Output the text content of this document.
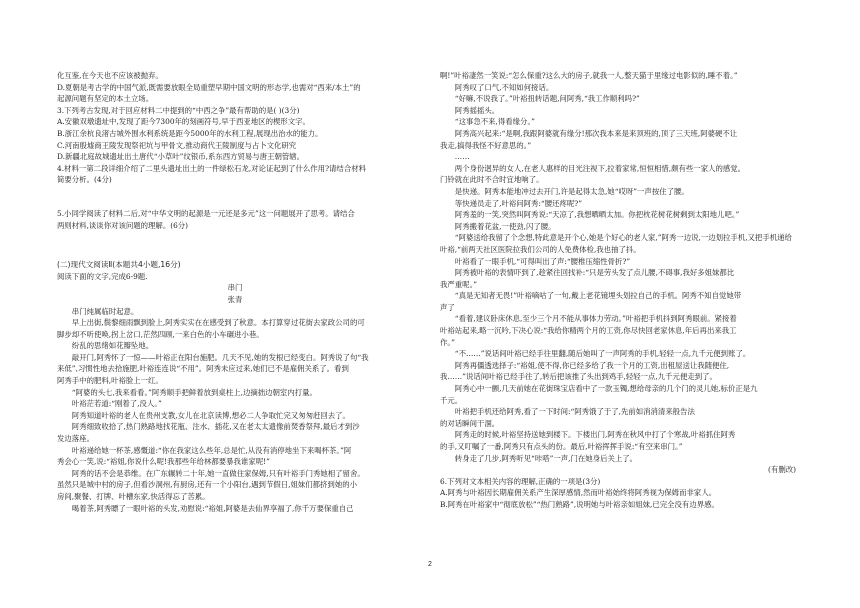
化互鉴,在今天也不应该被抛弃。
D.夏朝是考古学的中国气派,既需要放眼全局重塑早期中国文明的形态学,也需对“西来/本土”的
起源问题有坚定的本土立场。
3.下列考古发现,对于回应材料二中提到的“中西之争”最有帮助的是( )(3分)
A.安徽双墩遗址中,发现了距今7300年的刻画符号,早于西亚地区的楔形文字。
B.浙江余杭良渚古城外围水利系统是距今5000年的水利工程,展现出治水的能力。
C.河南殷墟商王陵发现祭祀坑与甲骨文,推动商代王陵制度与占卜文化研究
D.新疆北庭故城遗址出土唐代“小草叶”纹银币,系东西方贸易与唐王朝管辖。
4.材料一第二段详细介绍了二里头遗址出土的一件绿松石龙,对论证起到了什么作用?请结合材料
简要分析。(4分)
5.小同学阅读了材料二后,对“中华文明的起源是一元还是多元”这一问题展开了思考。请结合
两则材料,谈谈你对该问题的理解。(6分)
(二)现代文阅读Ⅱ(本题共4小题,16分)
阅读下面的文字,完成6-9题.
串门
张青
串门纯属临时起意。
早上出街,鬓黎细雨飘到脸上,阿秀实实在在感受到了秋意。本打算穿过花街去家政公司的可
脚步却不听使唤,拐上岔口,茫然四顾,一来白色的小车碾进小巷。
纷乱的思绪如花瓣坠地。
敲开门,阿秀怀了一惊——叶裕正在阳台施肥。几天不见,她的发根已经变白。阿秀说了句“我
来低”,习惯性地去拾施肥,叶裕连连说“不用”。阿秀未应过来,她们已不是雇佣关系了。看到
阿秀手中的肥料,叶裕脸上一红。
“阿婆的头七,我来看看。”阿秀顺手把鲜着放到桌柱上,边摘拙边朝室内打量。
叶裕茫若道:“刚着了,没人。”
阿秀知道叶裕的老人在贵州支教,女儿在北京读博,想必二人争取忙完又匆匆赶回去了。
阿秀细致收拾了,热门熟路地找花瓶、注水、插花,又在老太太遗像前焚香祭拜,最后才到沙
发边落座。
叶裕递给她一杯茶,感慨道:“你在我家这么些年,总是忙,从没有消停地坐下来喝杯茶。”阿
秀会心一笑,说:“裕姐,你说什么呢!我那些年给林都要暴我谁家呢!”
阿秀的话不会是恭维。在广东辗转二十年,她一直做住家保姆,只有叶裕手门秀她相了留舍。
虽然只是城中村的房子,但看沙洞州,有厨房,还有一个小阳台,遇到节假日,姐妹们都挤到她的小
房间,聚餐、打牌、叶槽东家,快活得忘了苦累。
喝着茶,阿秀瞟了一眼叶裕的头发,劝慰说:“裕姐,阿婆是去仙界享福了,你千万要保重自己
啊!”叶裕凄然一笑说:“怎么保重?这么大的房子,就我一人,整天猫于里缘过电影似的,睡不着。”
阿秀叹了口气,不知如何接话。
“好嘛,不说我了。”叶裕扭转话题,问阿秀,“我工作顺利吗?”
阿秀摇摇头。
“这事急不来,得看缘分。”
阿秀高兴起来:“是啊,我跟阿婆就有缘分!那次我本来是来顶班的,顶了三天班,阿婆硬不让
我走,搞得我怪不好意思的。”
……
两个身份迥异的女人,在老人惠样的目光注视下,拉着家常,恒恒相惜,颇有些一家人的感觉。
门铃就在此时不合时宜地响了。
是快递。阿秀本能地冲过去开门,许是起得太急,她“哎呀”一声按住了腰。
等快递员走了,叶裕问阿秀:“腰还疼呢?”
阿秀羞的一笑,突然叫阿秀说:“天凉了,我想晒晒太加。你把枕花树花树剩到太阳地儿吧。”
阿秀搬着花盆,一使劲,闪了腰。
“阿婆送给我留了个念想,特此意是开个心,她是个好心的老人家,”阿秀一边说,一边划拉手机,又把手机递给
叶裕,“前两天社区医院拉我们公司的人免费体检,我也抽了抖。
叶裕看了一眼手机,“可得叫出了声:“腰椎压缩性骨折?”
阿秀被叶裕的表情吓到了,趁紧往回找补:“只是劳头发了点儿腰,不碍事,我好多姐妹都比
我严重呢。”
“真是无知者无畏!”叶裕嘀咕了一句,戴上老花镜埋头划拉自己的手机。阿秀不知自觉她带
声了
“看着,建议卧床休息,至少三个月不能从事体力劳动。”叶裕把手机抖到阿秀眼前。紧接着
叶裕站起来,略一沉吟,下决心说:“我给你精两个月的工资,你尽快回老家休息,年后再出来我工
作。”
“不……”说话间叶裕已经手往里翻,随后她叫了一声阿秀的手机,轻轻一点,九千元便到账了。
阿秀再僵透选择子:“裕姐,使不得,你已经多给了我一个月的工资,出租屋送让我随便住,
我……”说话间叶裕已经手往了,转后把该推了头出到鸡手,轻轻一点,九千元便走到了。
阿秀心中一颤,几天前她在花街珠宝店看中了一款玉镯,想给母亲的几个门的灵儿她,标价正是九
千元。
叶裕把手机还给阿秀,看了一下时间:“阿秀饿了于了,先前如消消清来般告法
的对话瞬间干涸。
阿秀走的时候,叶裕坚持送她到楼下。下楼出门,阿秀在秋风中打了个寒战,叶裕抓住阿秀
的手,又叮嘱了一番,阿秀只有点头的份。最后,叶裕挥挥手说:“有空来串门。”
转身走了几步,阿秀听见“咔嗒”一声,门在她身后关上了。
(有删改)
6.下列对文本相关内容的理解,正确的一项是(3分)
A.阿秀与叶裕因长期雇佣关系产生深厚感情,然而叶裕始终将阿秀视为保姆而非家人。
B.阿秀在叶裕家中“彻底放松”“热门熟路”,说明她与叶裕亲如姐妹,已完全没有边界感。
2
